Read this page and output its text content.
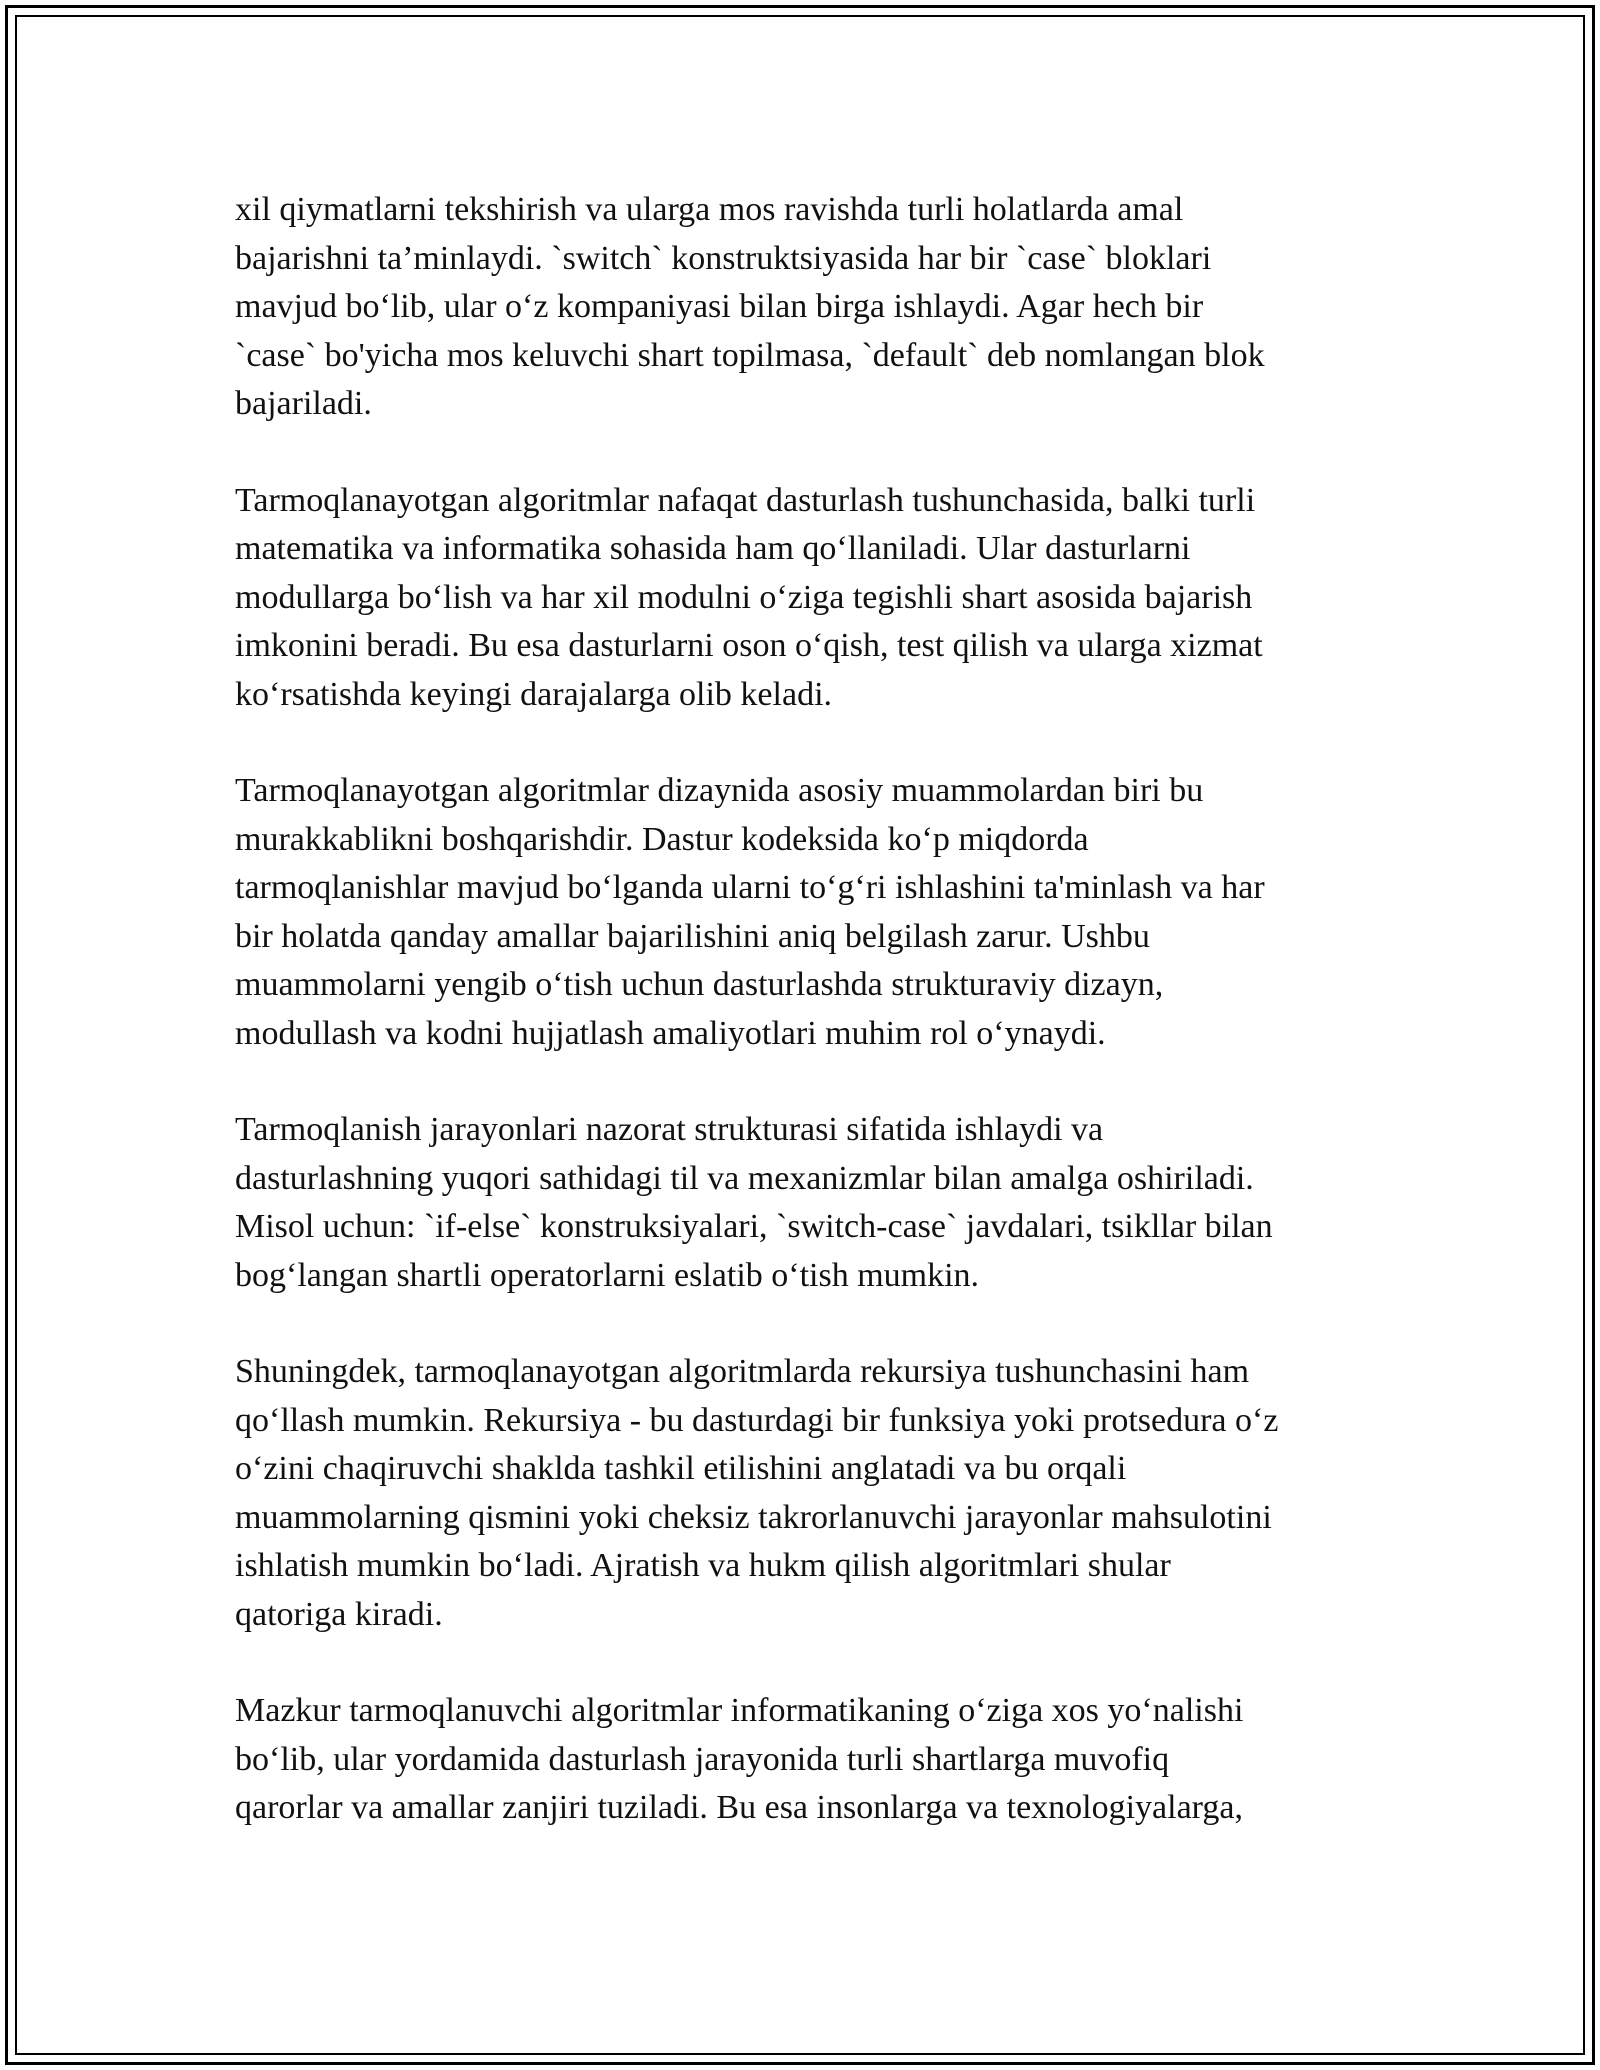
xil qiymatlarni tekshirish va ularga mos ravishda turli holatlarda amal
bajarishni ta’minlaydi. `switch` konstruktsiyasida har bir `case` bloklari
mavjud bo‘lib, ular o‘z kompaniyasi bilan birga ishlaydi. Agar hech bir
`case` bo'yicha mos keluvchi shart topilmasa, `default` deb nomlangan blok
bajariladi.

Tarmoqlanayotgan algoritmlar nafaqat dasturlash tushunchasida, balki turli
matematika va informatika sohasida ham qo‘llaniladi. Ular dasturlarni
modullarga bo‘lish va har xil modulni o‘ziga tegishli shart asosida bajarish
imkonini beradi. Bu esa dasturlarni oson o‘qish, test qilish va ularga xizmat
ko‘rsatishda keyingi darajalarga olib keladi.

Tarmoqlanayotgan algoritmlar dizaynida asosiy muammolardan biri bu
murakkablikni boshqarishdir. Dastur kodeksida ko‘p miqdorda
tarmoqlanishlar mavjud bo‘lganda ularni to‘g‘ri ishlashini ta'minlash va har
bir holatda qanday amallar bajarilishini aniq belgilash zarur. Ushbu
muammolarni yengib o‘tish uchun dasturlashda strukturaviy dizayn,
modullash va kodni hujjatlash amaliyotlari muhim rol o‘ynaydi.

Tarmoqlanish jarayonlari nazorat strukturasi sifatida ishlaydi va
dasturlashning yuqori sathidagi til va mexanizmlar bilan amalga oshiriladi.
Misol uchun: `if-else` konstruksiyalari, `switch-case` javdalari, tsikllar bilan
bog‘langan shartli operatorlarni eslatib o‘tish mumkin.

Shuningdek, tarmoqlanayotgan algoritmlarda rekursiya tushunchasini ham
qo‘llash mumkin. Rekursiya - bu dasturdagi bir funksiya yoki protsedura o‘z
o‘zini chaqiruvchi shaklda tashkil etilishini anglatadi va bu orqali
muammolarning qismini yoki cheksiz takrorlanuvchi jarayonlar mahsulotini
ishlatish mumkin bo‘ladi. Ajratish va hukm qilish algoritmlari shular
qatoriga kiradi.

Mazkur tarmoqlanuvchi algoritmlar informatikaning o‘ziga xos yo‘nalishi
bo‘lib, ular yordamida dasturlash jarayonida turli shartlarga muvofiq
qarorlar va amallar zanjiri tuziladi. Bu esa insonlarga va texnologiyalarga,
